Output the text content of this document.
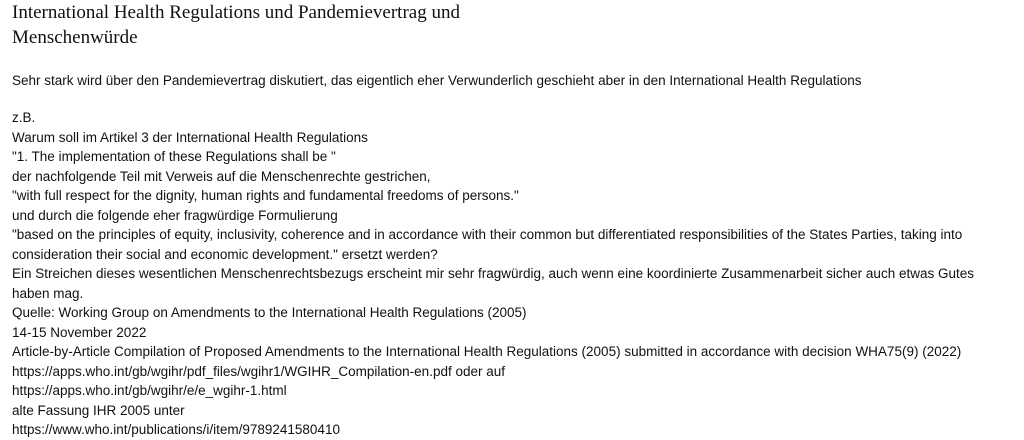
International Health Regulations und Pandemievertrag und Menschenwürde

Sehr stark wird über den Pandemievertrag diskutiert, das eigentlich eher Verwunderlich geschieht aber in den International Health Regulations

z.B.

Warum soll im Artikel 3 der International Health Regulations

"1. The implementation of these Regulations shall be "

der nachfolgende Teil mit Verweis auf die Menschenrechte gestrichen,

"with full respect for the dignity, human rights and fundamental freedoms of persons."

und durch die folgende eher fragwürdige Formulierung

"based on the principles of equity, inclusivity, coherence and in accordance with their common but differentiated responsibilities of the States Parties, taking into consideration their social and economic development." ersetzt werden?

Ein Streichen dieses wesentlichen Menschenrechtsbezugs erscheint mir sehr fragwürdig, auch wenn eine koordinierte Zusammenarbeit sicher auch etwas Gutes haben mag.

Quelle: Working Group on Amendments to the International Health Regulations (2005)

14-15 November 2022

Article-by-Article Compilation of Proposed Amendments to the International Health Regulations (2005) submitted in accordance with decision WHA75(9) (2022)

https://apps.who.int/gb/wgihr/pdf_files/wgihr1/WGIHR_Compilation-en.pdf oder auf

https://apps.who.int/gb/wgihr/e/e_wgihr-1.html

alte Fassung IHR 2005 unter

https://www.who.int/publications/i/item/9789241580410
